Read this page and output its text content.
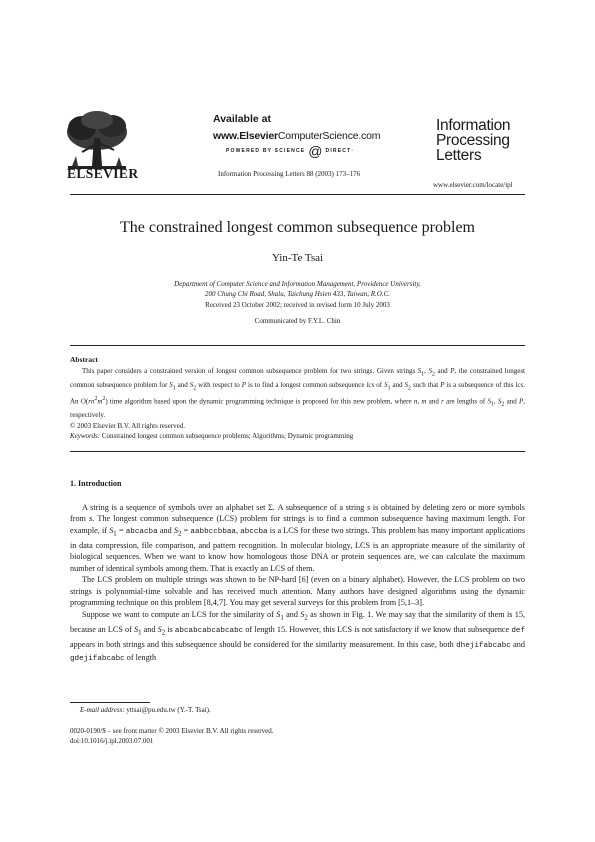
ELSEVIER
Available at
www.ElsevierComputerScience.com
POWERED BY SCIENCE @ DIRECT·
Information Processing Letters 88 (2003) 173–176
Information
Processing
Letters
www.elsevier.com/locate/ipl
The constrained longest common subsequence problem
Yin-Te Tsai
Department of Computer Science and Information Management, Providence University,
200 Chung Chi Road, Shalu, Taichung Hsien 433, Taiwan, R.O.C.
Received 23 October 2002; received in revised form 10 July 2003
Communicated by F.Y.L. Chin
Abstract
This paper considers a constrained version of longest common subsequence problem for two strings. Given strings $S_1$, $S_2$ and P, the constrained longest common subsequence problem for $S_1$ and $S_2$ with respect to P is to find a longest common subsequence lcs of $S_1$ and $S_2$ such that P is a subsequence of this lcs. An $O(rn^2m^2)$ time algorithm based upon the dynamic programming technique is proposed for this new problem, where n, m and r are lengths of $S_1$, $S_2$ and P, respectively.
© 2003 Elsevier B.V. All rights reserved.
Keywords: Constrained longest common subsequence problems; Algorithms; Dynamic programming
1. Introduction

A string is a sequence of symbols over an alphabet set Σ. A subsequence of a string s is obtained by deleting zero or more symbols from s. The longest common subsequence (LCS) problem for strings is to find a common subsequence having maximum length. For example, if $S_1$ = abcacba and $S_2$ = aabbccbbaa, abccba is a LCS for these two strings. This problem has many important applications in data compression, file comparison, and pattern recognition. In molecular biology, LCS is an appropriate measure of the similarity of biological sequences. When we want to know how homologous those DNA or protein sequences are, we can calculate the maximum number of identical symbols among them. That is exactly an LCS of them.

The LCS problem on multiple strings was shown to be NP-hard [6] (even on a binary alphabet). However, the LCS problem on two strings is polynomial-time solvable and has received much attention. Many authors have designed algorithms using the dynamic programming technique on this problem [8,4,7]. You may get several surveys for this problem from [5,1–3].

Suppose we want to compute an LCS for the similarity of $S_1$ and $S_2$ as shown in Fig. 1. We may say that the similarity of them is 15, because an LCS of $S_1$ and $S_2$ is abcabcabcabcabc of length 15. However, this LCS is not satisfactory if we know that subsequence def appears in both strings and this subsequence should be considered for the similarity measurement. In this case, both dhejifabcabc and gdejifabcabc of length

E-mail address: yttsai@pu.edu.tw (Y.-T. Tsai).
0020-0190/$ – see front matter © 2003 Elsevier B.V. All rights reserved.
doi:10.1016/j.ipl.2003.07.001
